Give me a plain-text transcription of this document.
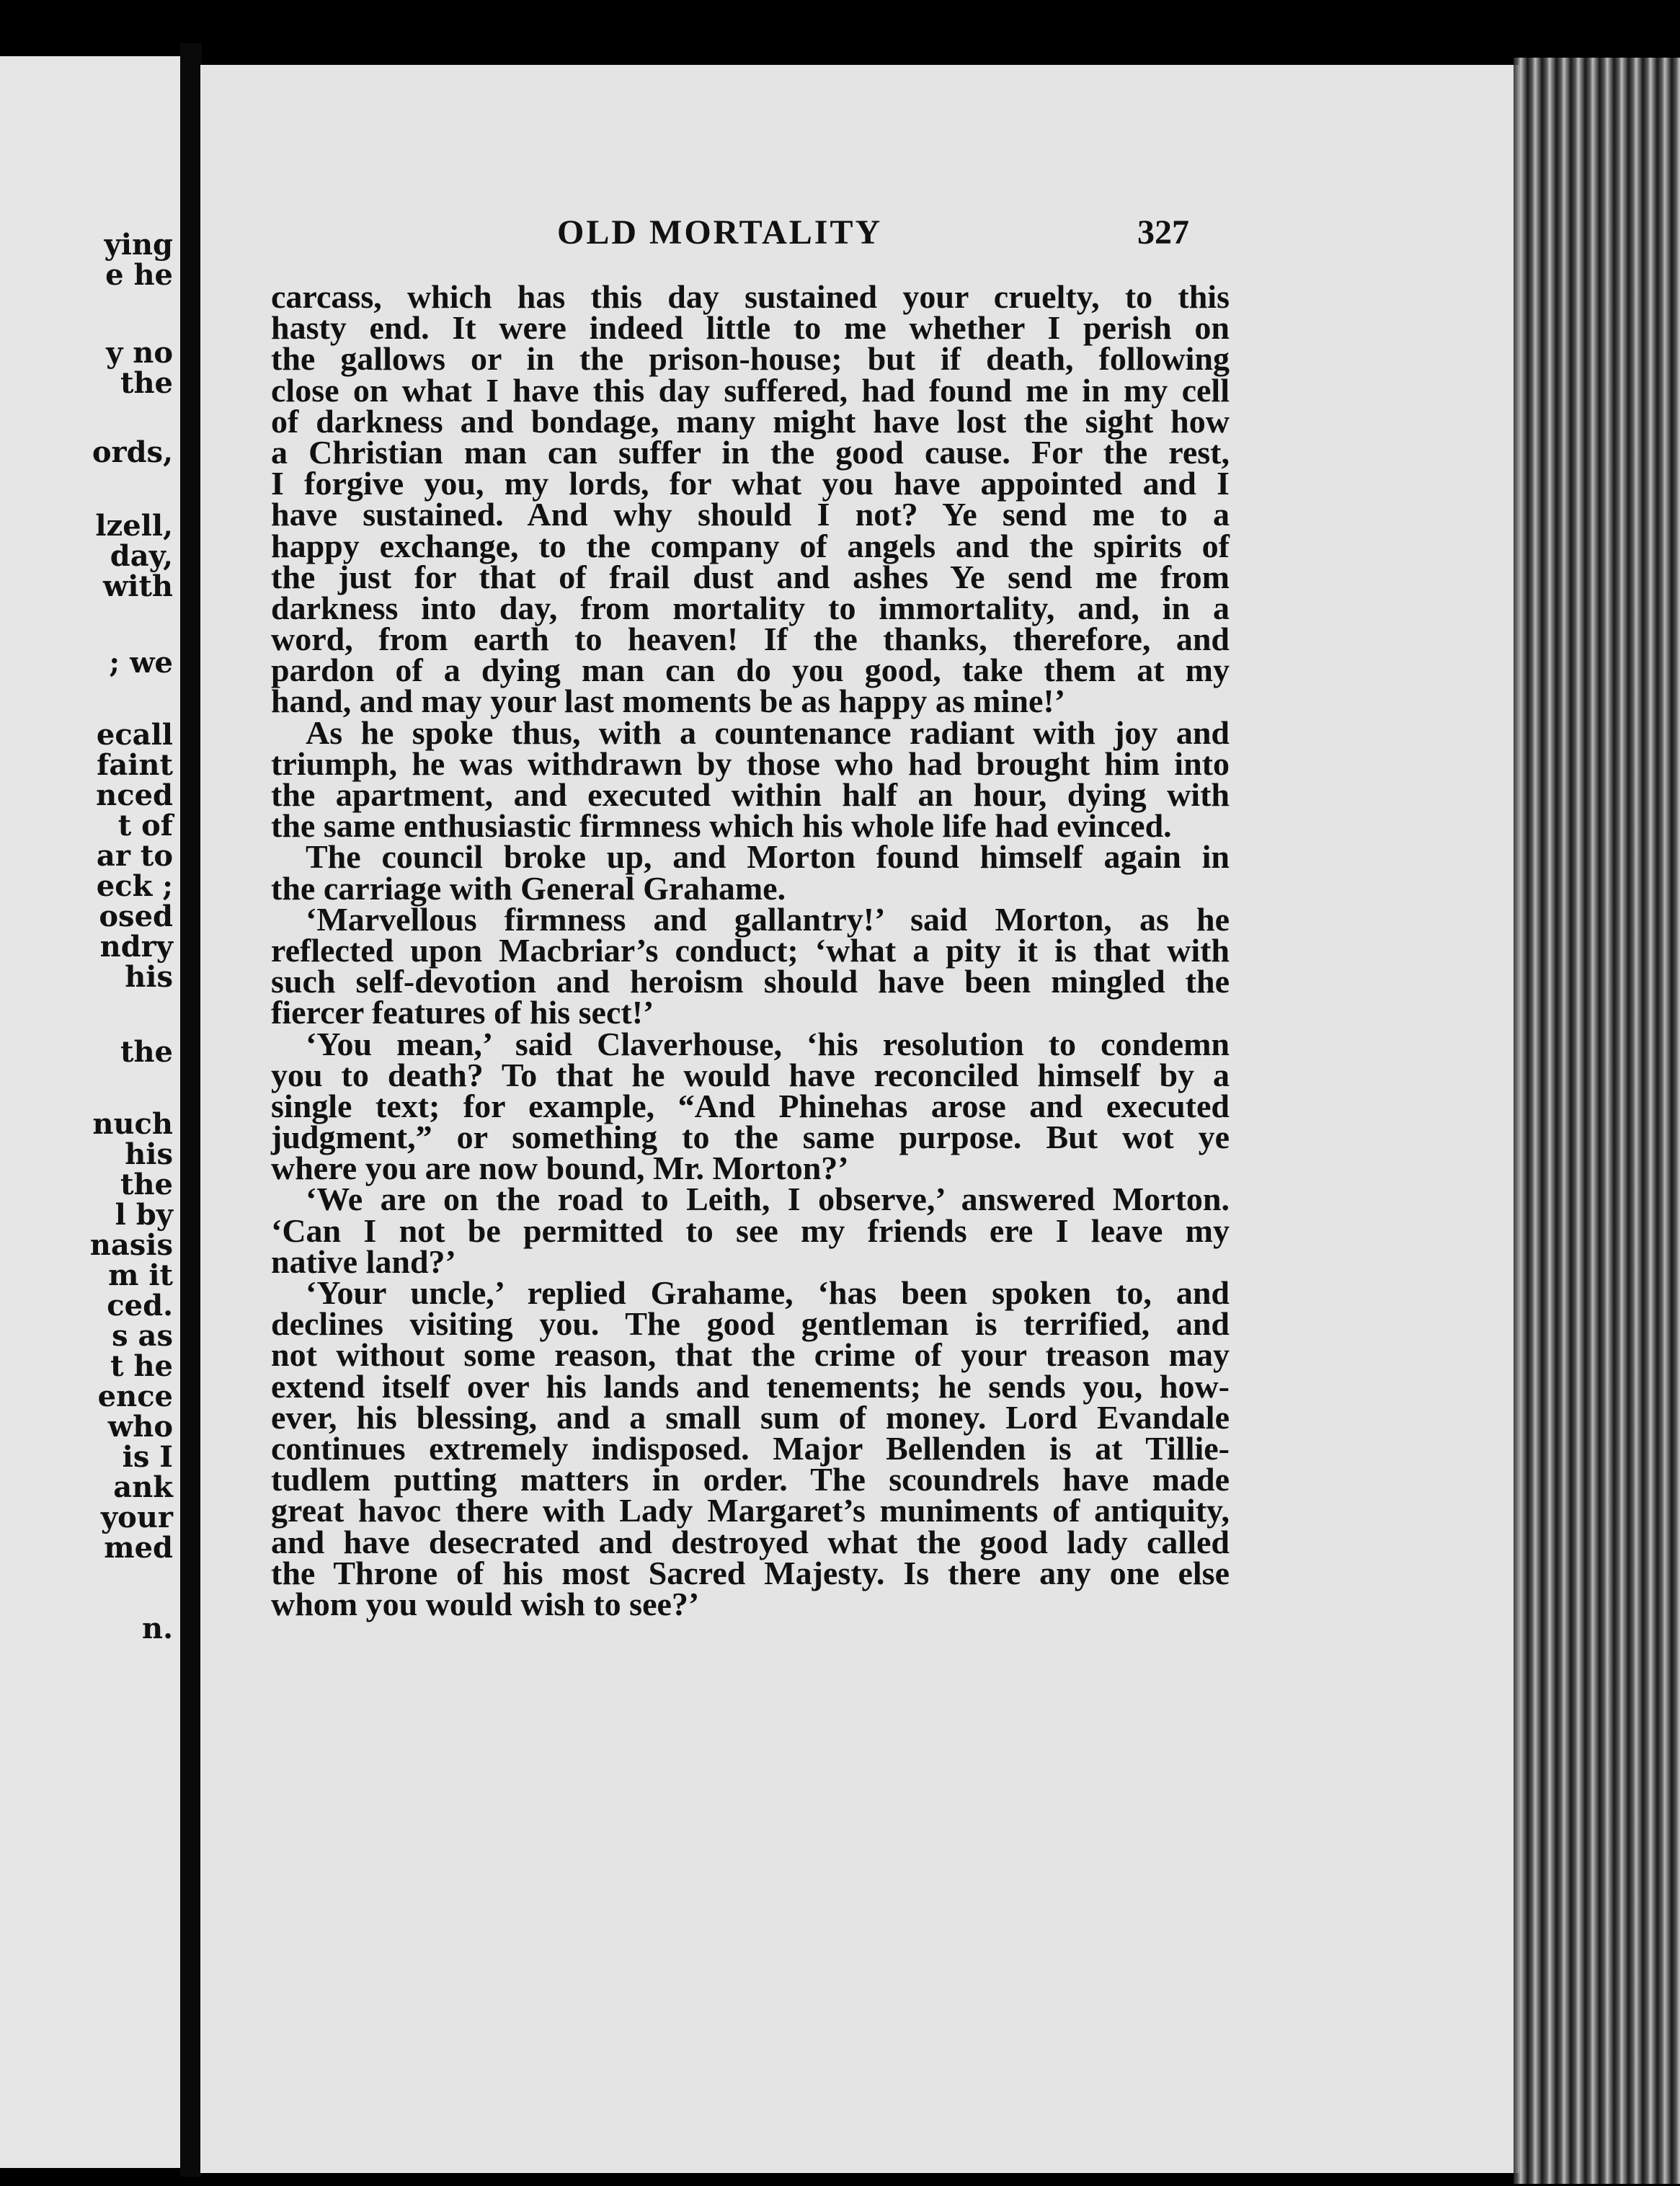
ying
e he
y no
the
ords,
lzell,
day,
with
; we
ecall
faint
nced
t of
ar to
eck ;
osed
ndry
his
the
nuch
his
the
l by
nasis
m it
ced.
s as
t he
ence
who
is I
ank
your
med
n.
OLD MORTALITY	327
carcass, which has this day sustained your cruelty, to this
hasty end. It were indeed little to me whether I perish on
the gallows or in the prison-house; but if death, following
close on what I have this day suffered, had found me in my cell
of darkness and bondage, many might have lost the sight how
a Christian man can suffer in the good cause. For the rest,
I forgive you, my lords, for what you have appointed and I
have sustained. And why should I not? Ye send me to a
happy exchange, to the company of angels and the spirits of
the just for that of frail dust and ashes Ye send me from
darkness into day, from mortality to immortality, and, in a
word, from earth to heaven! If the thanks, therefore, and
pardon of a dying man can do you good, take them at my
hand, and may your last moments be as happy as mine!’
As he spoke thus, with a countenance radiant with joy and
triumph, he was withdrawn by those who had brought him into
the apartment, and executed within half an hour, dying with
the same enthusiastic firmness which his whole life had evinced.
The council broke up, and Morton found himself again in
the carriage with General Grahame.
‘Marvellous firmness and gallantry!’ said Morton, as he
reflected upon Macbriar’s conduct; ‘what a pity it is that with
such self-devotion and heroism should have been mingled the
fiercer features of his sect!’
‘You mean,’ said Claverhouse, ‘his resolution to condemn
you to death? To that he would have reconciled himself by a
single text; for example, “And Phinehas arose and executed
judgment,” or something to the same purpose. But wot ye
where you are now bound, Mr. Morton?’
‘We are on the road to Leith, I observe,’ answered Morton.
‘Can I not be permitted to see my friends ere I leave my
native land?’
‘Your uncle,’ replied Grahame, ‘has been spoken to, and
declines visiting you. The good gentleman is terrified, and
not without some reason, that the crime of your treason may
extend itself over his lands and tenements; he sends you, how-
ever, his blessing, and a small sum of money. Lord Evandale
continues extremely indisposed. Major Bellenden is at Tillie-
tudlem putting matters in order. The scoundrels have made
great havoc there with Lady Margaret’s muniments of antiquity,
and have desecrated and destroyed what the good lady called
the Throne of his most Sacred Majesty. Is there any one else
whom you would wish to see?’
